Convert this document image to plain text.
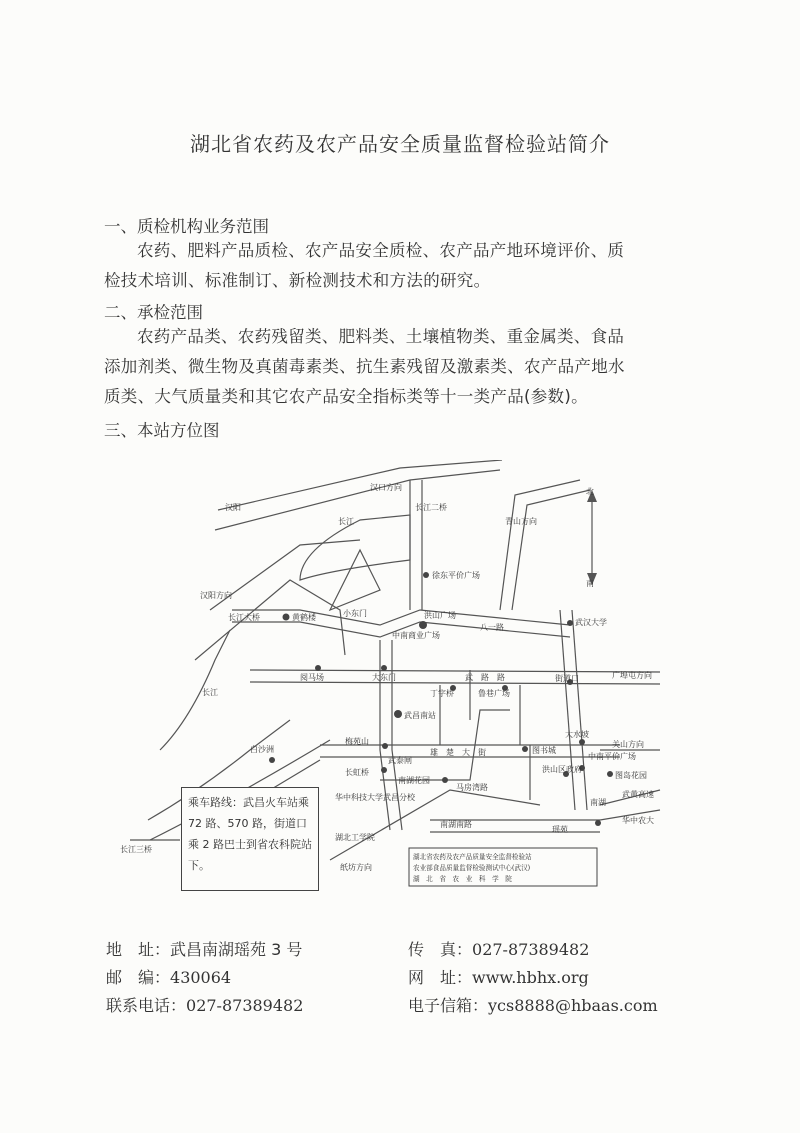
湖北省农药及农产品安全质量监督检验站简介
一、质检机构业务范围
农药、肥料产品质检、农产品安全质检、农产品产地环境评价、质
检技术培训、标准制订、新检测技术和方法的研究。
二、承检范围
农药产品类、农药残留类、肥料类、土壤植物类、重金属类、食品
添加剂类、微生物及真菌毒素类、抗生素残留及激素类、农产品产地水
质类、大气质量类和其它农产品安全指标类等十一类产品(参数)。
三、本站方位图
汉口方向
汉阳
长江
长江二桥
青山方向
北
南
汉阳方向
长江大桥	黄鹤楼	小东门	洪山广场
徐东平价广场
中南商业广场
八一路
武汉大学
长江
阅马场	大东门	武　路　路
丁字桥	鲁巷广场
街道口	广埠屯方向
武昌南站
梅苑山
雄　楚　大　街
大水坡
关山方向
图书城
中南平价广场
白沙洲
长虹桥
武泰闸
南湖花园
马房湾路
洪山区政府
图岛花园
南湖
武黄高速
华中农大
华中科技大学武昌分校
湖北工学院
南湖南路
纸坊方向
长江三桥
瑶苑
湖北省农药及农产品质量安全监督检验站
农业部食品质量监督检验测试中心(武汉)
湖　北　省　农　业　科　学　院
乘车路线：武昌火车站乘 72 路、570 路，街道口乘 2 路巴士到省农科院站下。
地　址：武昌南湖瑶苑 3 号	传　真：027-87389482
邮　编：430064	网　址：www.hbhx.org
联系电话：027-87389482	电子信箱：ycs8888@hbaas.com
